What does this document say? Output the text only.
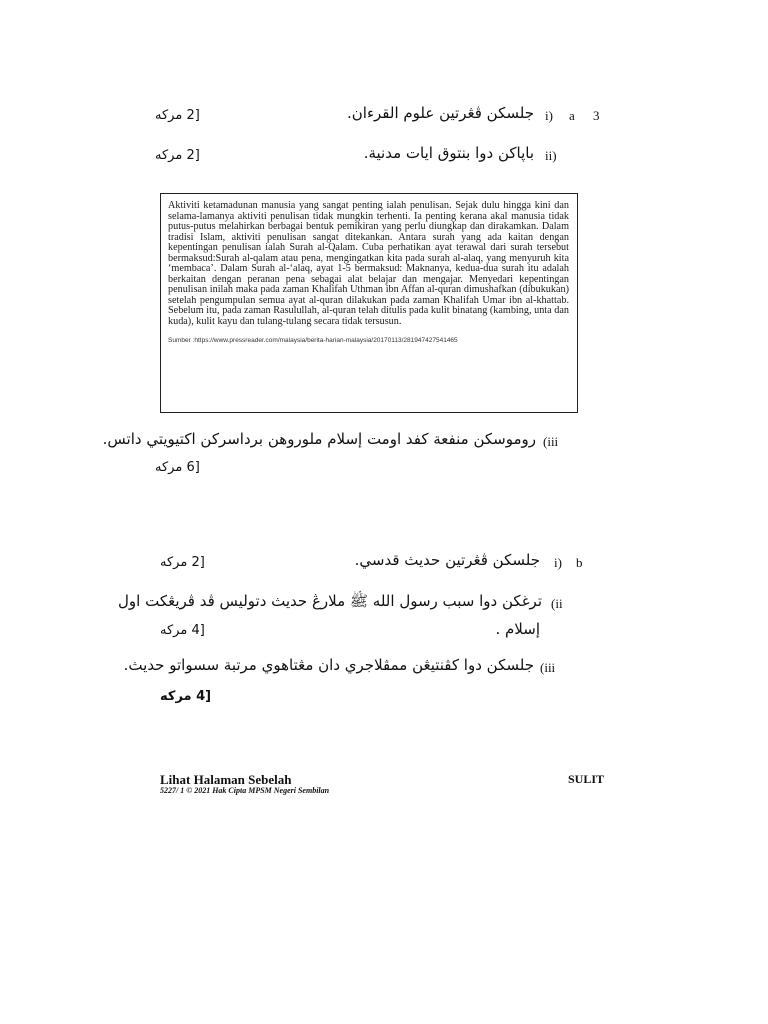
3
a
i)
جلسكن ڤڠرتين علوم القرءان.
[2 مركه
ii)
باڽاكن دوا بنتوق ايات مدنية.
[2 مركه

Aktiviti ketamadunan manusia yang sangat penting ialah penulisan. Sejak dulu hingga kini dan selama-lamanya aktiviti penulisan tidak mungkin terhenti. Ia penting kerana akal manusia tidak putus-putus melahirkan berbagai bentuk pemikiran yang perlu diungkap dan dirakamkan. Dalam tradisi Islam, aktiviti penulisan sangat ditekankan. Antara surah yang ada kaitan dengan kepentingan penulisan ialah Surah al-Qalam. Cuba perhatikan ayat terawal dari surah tersebut bermaksud:Surah al-qalam atau pena, mengingatkan kita pada surah al-alaq, yang menyuruh kita ‘membaca’. Dalam Surah al-‘alaq, ayat 1-5 bermaksud: Maknanya, kedua-dua surah itu adalah berkaitan dengan peranan pena sebagai alat belajar dan mengajar. Menyedari kepentingan penulisan inilah maka pada zaman Khalifah Uthman ibn Affan al-quran dimushafkan (dibukukan) setelah pengumpulan semua ayat al-quran dilakukan pada zaman Khalifah Umar ibn al-khattab. Sebelum itu, pada zaman Rasulullah, al-quran telah ditulis pada kulit binatang (kambing, unta dan kuda), kulit kayu dan tulang-tulang secara tidak tersusun.

Sumber :https://www.pressreader.com/malaysia/berita-harian-malaysia/20170113/281947427541465
(iii
روموسكن منفعة كفد اومت إسلام ملوروهن برداسركن اكتيويتي داتس.
[6 مركه
b
i)
جلسكن ڤڠرتين حديث قدسي.
[2 مركه
(ii
ترغكن دوا سبب رسول الله ﷺ ملارڠ حديث دتوليس ڤد ڤريڠكت اول
إسلام .
[4 مركه
(iii
جلسكن دوا كڤنتيڠن ممڤلاجري دان مڠتاهوي مرتبة سسواتو حديث.
[4 مركه
Lihat Halaman Sebelah
5227/ 1 © 2021 Hak Cipta MPSM Negeri Sembilan
SULIT
